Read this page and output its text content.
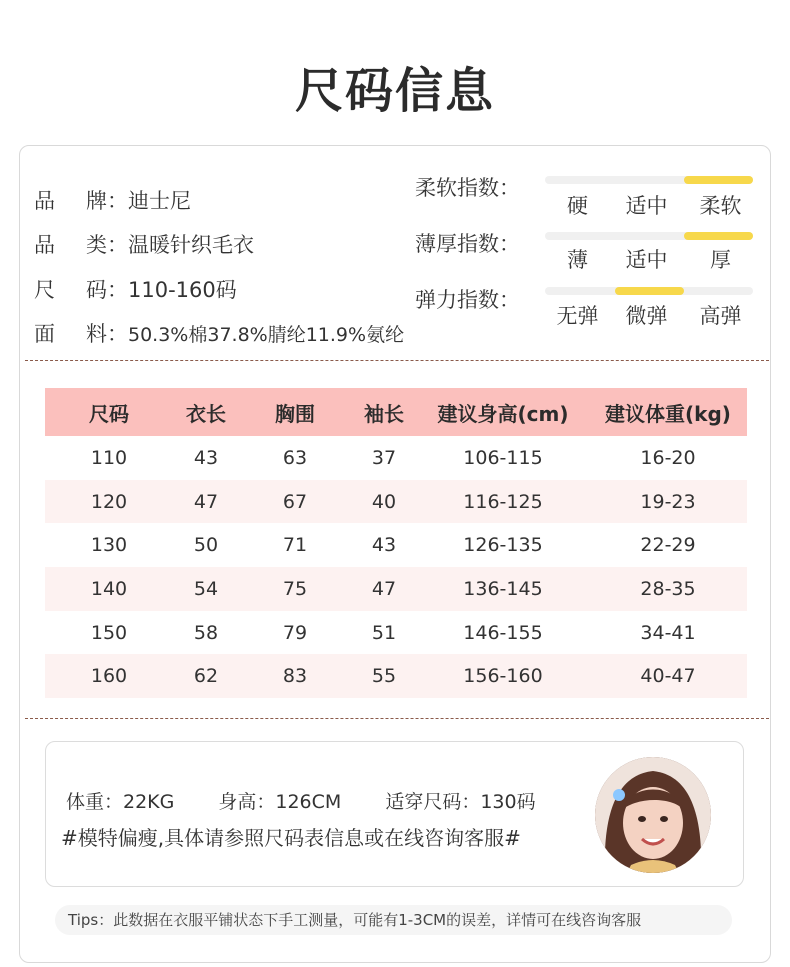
尺码信息
品 牌：迪士尼
品 类：温暖针织毛衣
尺 码：110-160码
面 料：50.3%棉37.8%腈纶11.9%氨纶
柔软指数：
硬	适中	柔软
薄厚指数：
薄	适中	厚
弹力指数：
无弹	微弹	高弹
尺码	衣长	胸围	袖长	建议身高(cm)	建议体重(kg)
110	43	63	37	106-115	16-20
120	47	67	40	116-125	19-23
130	50	71	43	126-135	22-29
140	54	75	47	136-145	28-35
150	58	79	51	146-155	34-41
160	62	83	55	156-160	40-47
体重：22KG 身高：126CM 适穿尺码：130码
#模特偏瘦,具体请参照尺码表信息或在线咨询客服#
Tips：此数据在衣服平铺状态下手工测量，可能有1-3CM的误差，详情可在线咨询客服
